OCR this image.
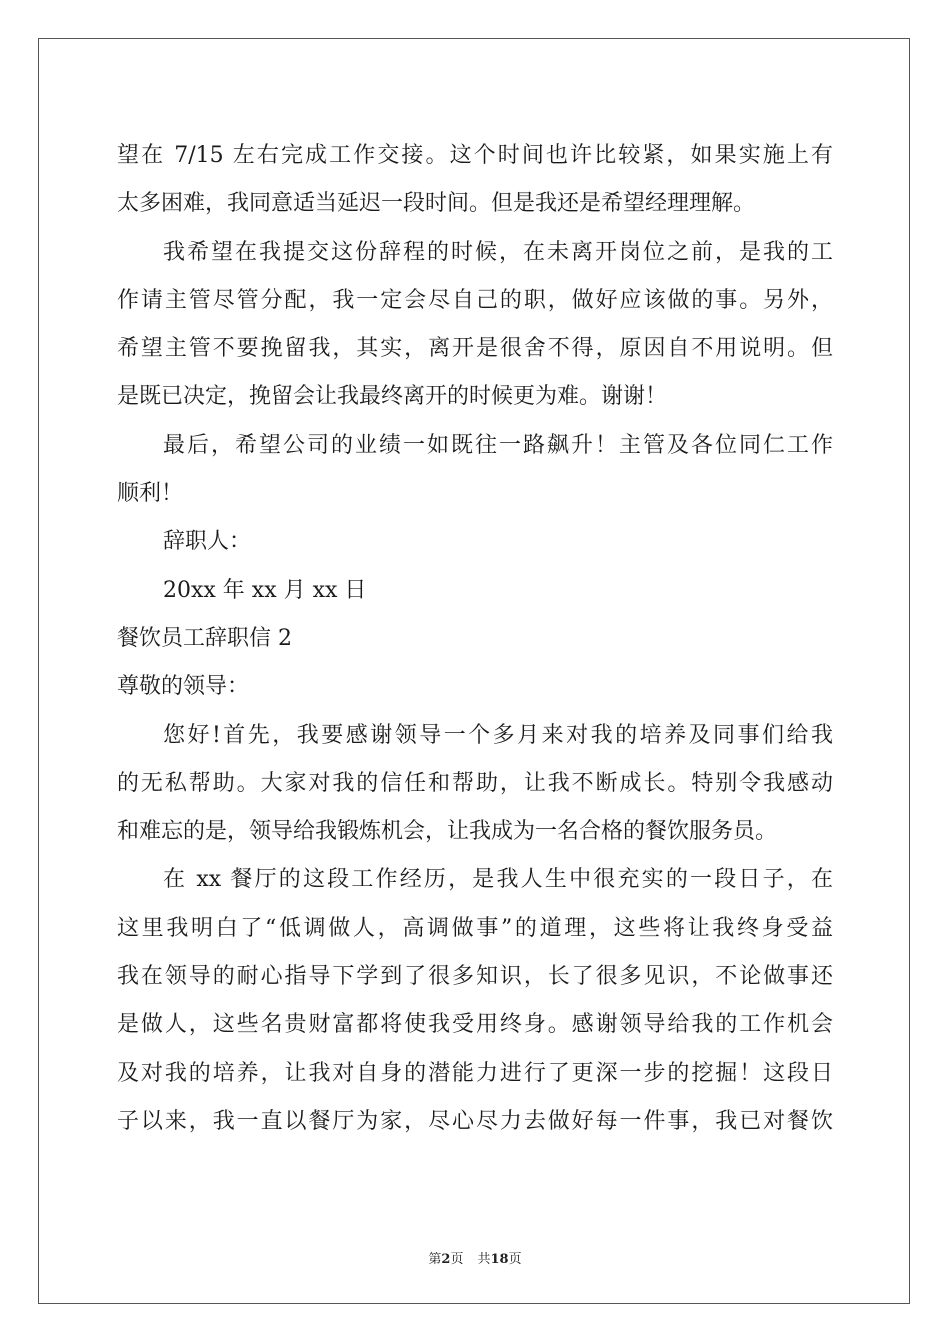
望在 7/15 左右完成工作交接。这个时间也许比较紧，如果实施上有

太多困难，我同意适当延迟一段时间。但是我还是希望经理理解。

我希望在我提交这份辞程的时候，在未离开岗位之前，是我的工

作请主管尽管分配，我一定会尽自己的职，做好应该做的事。另外，

希望主管不要挽留我，其实，离开是很舍不得，原因自不用说明。但

是既已决定，挽留会让我最终离开的时候更为难。谢谢！

最后，希望公司的业绩一如既往一路飙升！主管及各位同仁工作

顺利！

辞职人：

20xx 年 xx 月 xx 日

餐饮员工辞职信 2

尊敬的领导：

您好!首先，我要感谢领导一个多月来对我的培养及同事们给我

的无私帮助。大家对我的信任和帮助，让我不断成长。特别令我感动

和难忘的是，领导给我锻炼机会，让我成为一名合格的餐饮服务员。

在 xx 餐厅的这段工作经历，是我人生中很充实的一段日子，在

这里我明白了“低调做人，高调做事”的道理，这些将让我终身受益

我在领导的耐心指导下学到了很多知识，长了很多见识，不论做事还

是做人，这些名贵财富都将使我受用终身。感谢领导给我的工作机会

及对我的培养，让我对自身的潜能力进行了更深一步的挖掘！这段日

子以来，我一直以餐厅为家，尽心尽力去做好每一件事，我已对餐饮

第2页 共18页
